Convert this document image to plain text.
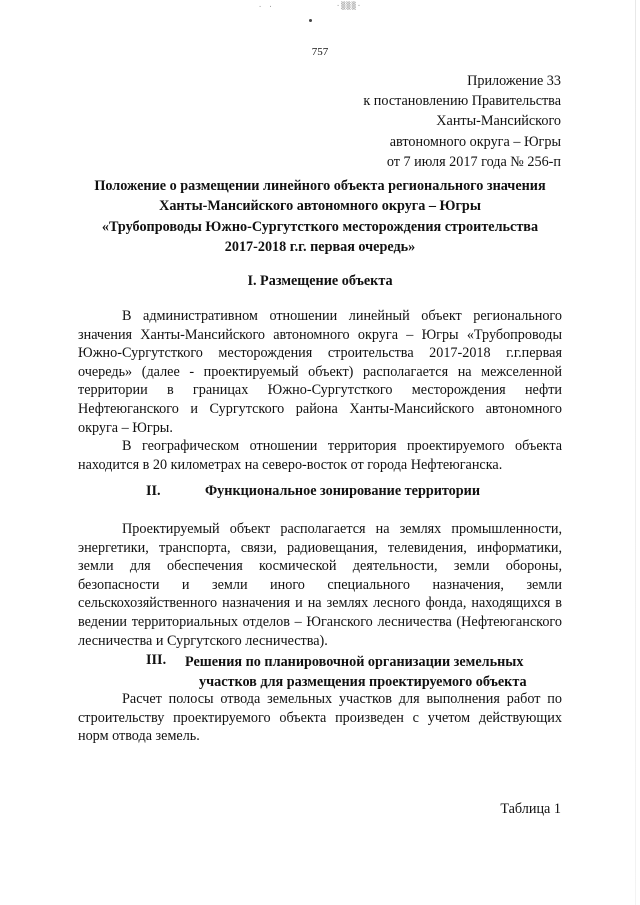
· ·	·▒▒▒·
757
Приложение 33
к постановлению Правительства
Ханты-Мансийского
автономного округа – Югры
от 7 июля 2017 года № 256-п
Положение о размещении линейного объекта регионального значения
Ханты-Мансийского автономного округа – Югры
«Трубопроводы Южно-Сургутсткого месторождения строительства
2017-2018 г.г. первая очередь»
I. Размещение объекта

В административном отношении линейный объект регионального значения Ханты-Мансийского автономного округа – Югры «Трубопроводы Южно-Сургутсткого месторождения строительства 2017-2018 г.г.первая очередь» (далее - проектируемый объект) располагается на межселенной территории в границах Южно-Сургутсткого месторождения нефти Нефтеюганского и Сургутского района Ханты-Мансийского автономного округа – Югры.

В географическом отношении территория проектируемого объекта находится в 20 километрах на северо-восток от города Нефтеюганска.

II.	Функциональное зонирование территории

Проектируемый объект располагается на землях промышленности, энергетики, транспорта, связи, радиовещания, телевидения, информатики, земли для обеспечения космической деятельности, земли обороны, безопасности и земли иного специального назначения, земли сельскохозяйственного назначения и на землях лесного фонда, находящихся в ведении территориальных отделов – Юганского лесничества (Нефтеюганского лесничества и Сургутского лесничества).

III. Решения по планировочной организации земельных
участков для размещения проектируемого объекта

Расчет полосы отвода земельных участков для выполнения работ по строительству проектируемого объекта произведен с учетом действующих норм отвода земель.

Таблица 1
